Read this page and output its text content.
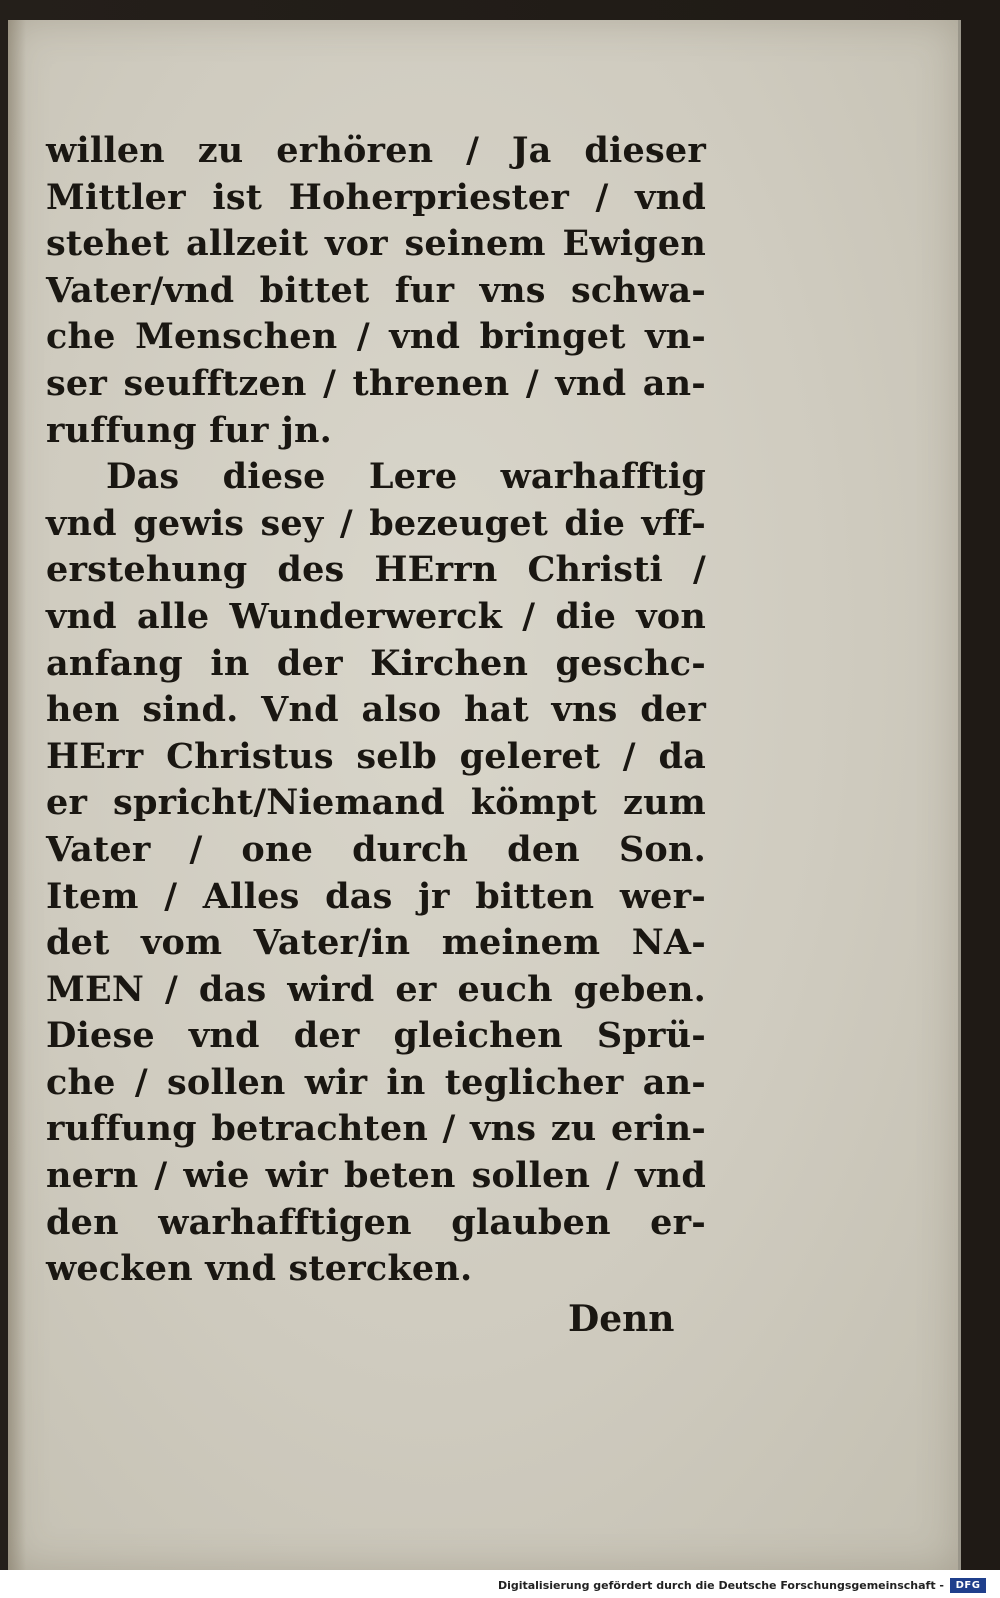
willen zu erhören / Ja dieser
Mittler ist Hoherpriester / vnd
stehet allzeit vor seinem Ewigen
Vater/vnd bittet fur vns schwa-
che Menschen / vnd bringet vn-
ser seufftzen / threnen / vnd an-
ruffung fur jn.
Das diese Lere warhafftig
vnd gewis sey / bezeuget die vff-
erstehung des HErrn Christi /
vnd alle Wunderwerck / die von
anfang in der Kirchen geschc-
hen sind. Vnd also hat vns der
HErr Christus selb geleret / da
er spricht/Niemand kömpt zum
Vater / one durch den Son.
Item / Alles das jr bitten wer-
det vom Vater/in meinem NA-
MEN / das wird er euch geben.
Diese vnd der gleichen Sprü-
che / sollen wir in teglicher an-
ruffung betrachten / vns zu erin-
nern / wie wir beten sollen / vnd
den warhafftigen glauben er-
wecken vnd stercken.
Denn
Digitalisierung gefördert durch die Deutsche Forschungsgemeinschaft -	DFG
